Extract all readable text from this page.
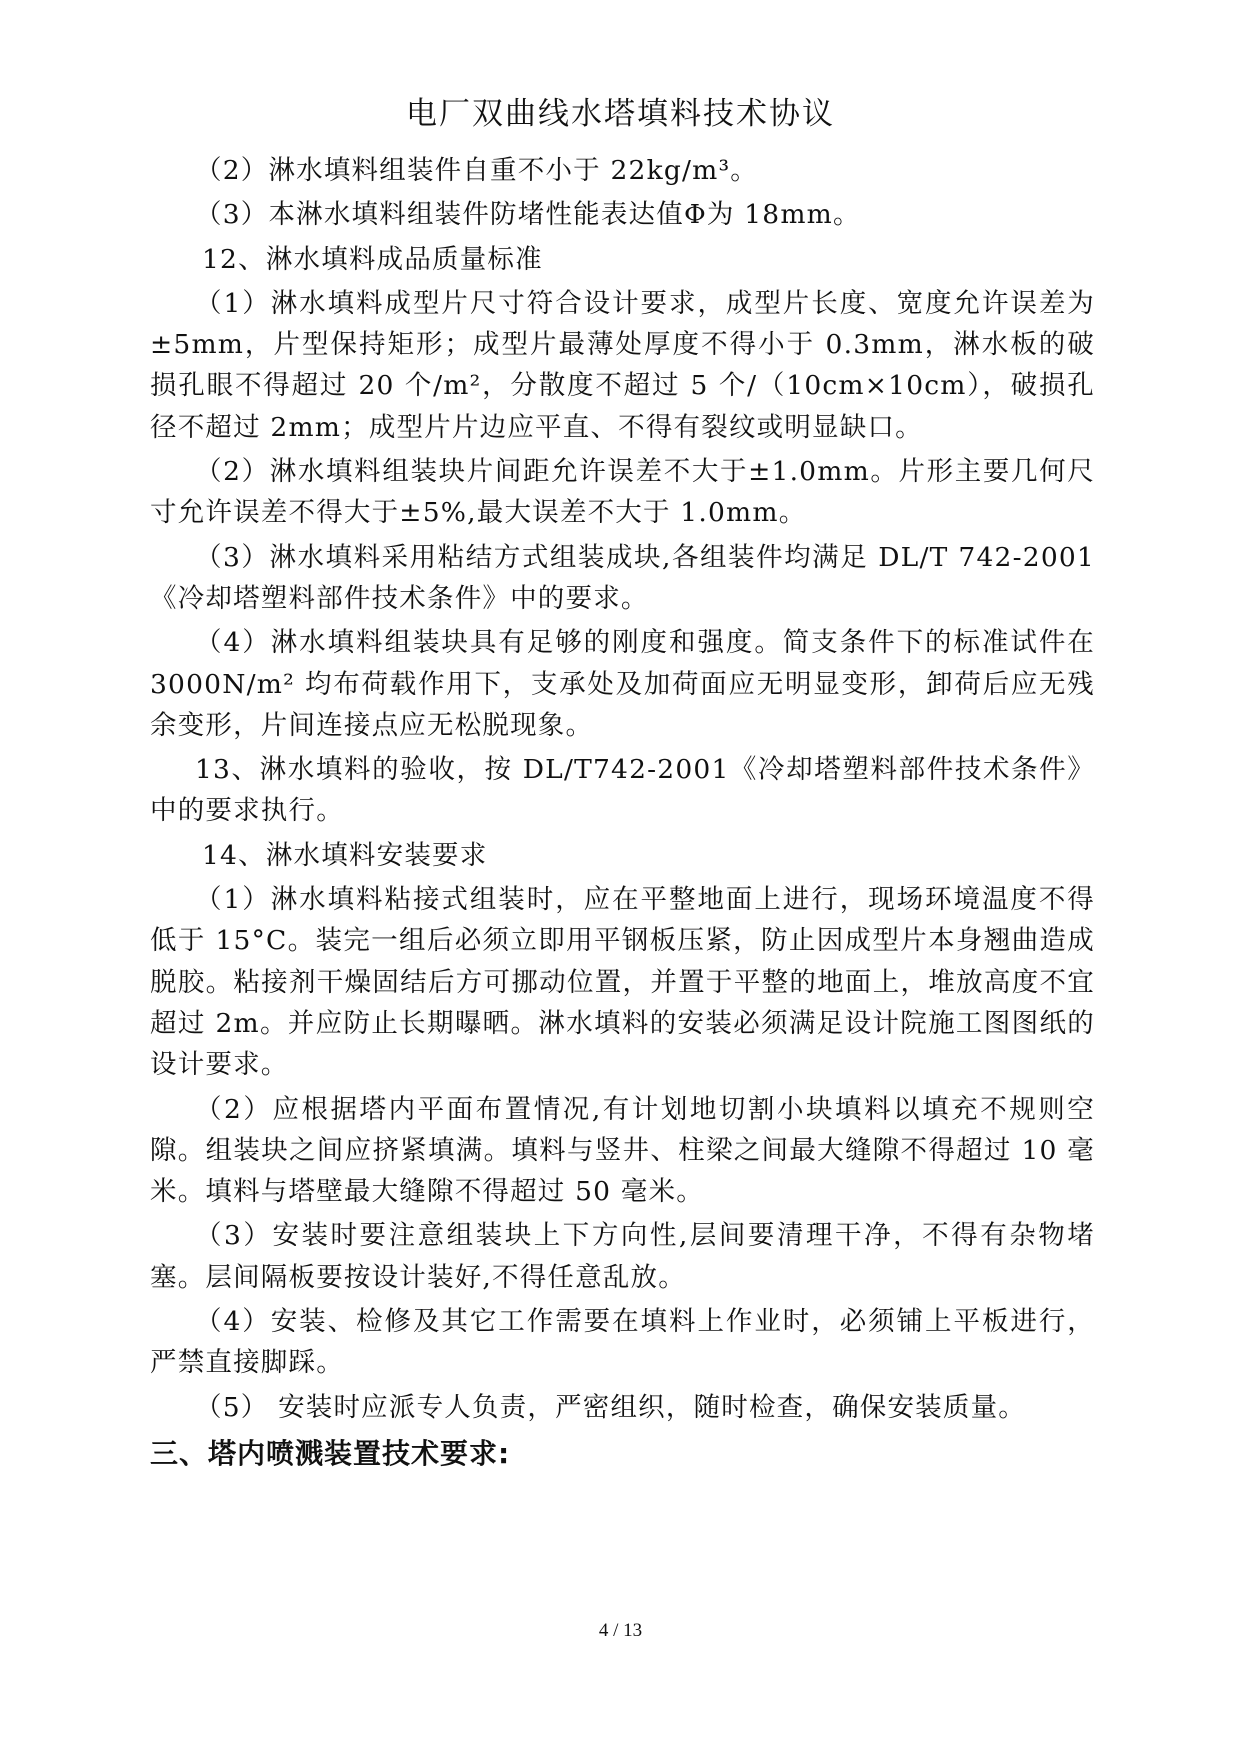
电厂双曲线水塔填料技术协议

（2）淋水填料组装件自重不小于 22kg/m³。

（3）本淋水填料组装件防堵性能表达值Φ为 18mm。

12、淋水填料成品质量标准

（1）淋水填料成型片尺寸符合设计要求，成型片长度、宽度允许误差为±5mm，片型保持矩形；成型片最薄处厚度不得小于 0.3mm，淋水板的破损孔眼不得超过 20 个/m²，分散度不超过 5 个/（10cm×10cm），破损孔径不超过 2mm；成型片片边应平直、不得有裂纹或明显缺口。

（2）淋水填料组装块片间距允许误差不大于±1.0mm。片形主要几何尺寸允许误差不得大于±5%,最大误差不大于 1.0mm。

（3）淋水填料采用粘结方式组装成块,各组装件均满足 DL/T 742-2001《冷却塔塑料部件技术条件》中的要求。

（4）淋水填料组装块具有足够的刚度和强度。简支条件下的标准试件在 3000N/m² 均布荷载作用下，支承处及加荷面应无明显变形，卸荷后应无残余变形，片间连接点应无松脱现象。

13、淋水填料的验收，按 DL/T742-2001《冷却塔塑料部件技术条件》中的要求执行。

14、淋水填料安装要求

（1）淋水填料粘接式组装时，应在平整地面上进行，现场环境温度不得低于 15°C。装完一组后必须立即用平钢板压紧，防止因成型片本身翘曲造成脱胶。粘接剂干燥固结后方可挪动位置，并置于平整的地面上，堆放高度不宜超过 2m。并应防止长期曝晒。淋水填料的安装必须满足设计院施工图图纸的设计要求。

（2）应根据塔内平面布置情况,有计划地切割小块填料以填充不规则空隙。组装块之间应挤紧填满。填料与竖井、柱梁之间最大缝隙不得超过 10 毫米。填料与塔壁最大缝隙不得超过 50 毫米。

（3）安装时要注意组装块上下方向性,层间要清理干净，不得有杂物堵塞。层间隔板要按设计装好,不得任意乱放。

（4）安装、检修及其它工作需要在填料上作业时，必须铺上平板进行，严禁直接脚踩。

（5） 安装时应派专人负责，严密组织，随时检查，确保安装质量。

三、塔内喷溅装置技术要求:
4 / 13
